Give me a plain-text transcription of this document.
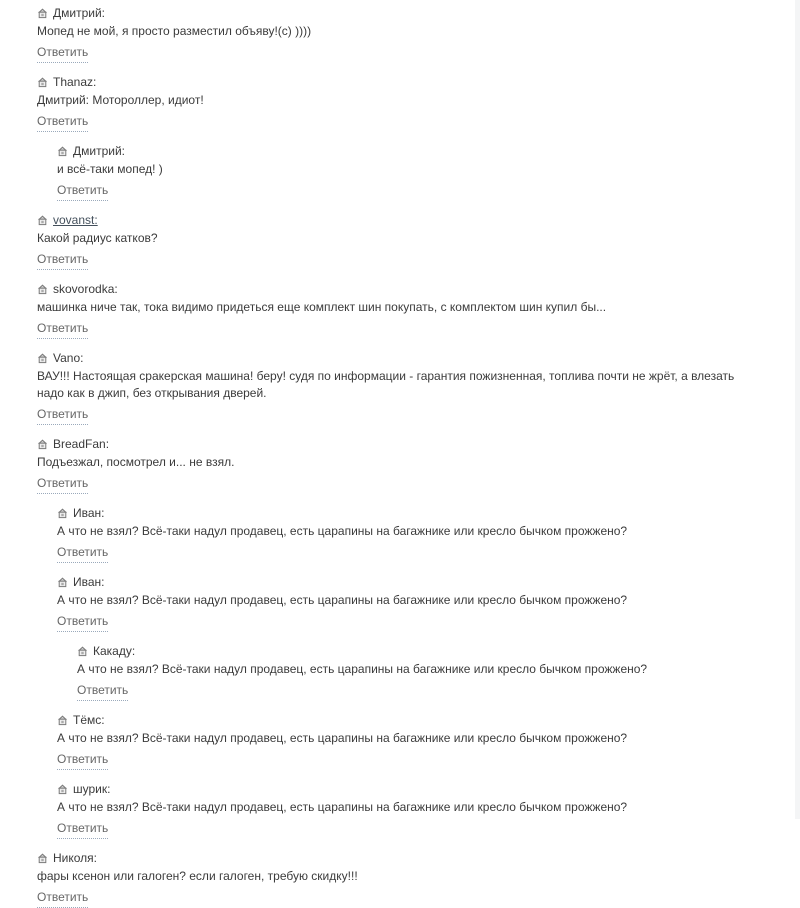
Дмитрий:
Мопед не мой, я просто разместил объяву!(с) ))))
Ответить
Thanaz:
Дмитрий: Мотороллер, идиот!
Ответить
Дмитрий:
и всё-таки мопед! )
Ответить
vovanst:
Какой радиус катков?
Ответить
skovorodka:
машинка ниче так, тока видимо придеться еще комплект шин покупать, с комплектом шин купил бы...
Ответить
Vano:
ВАУ!!! Настоящая сракерская машина! беру! судя по информации - гарантия пожизненная, топлива почти не жрёт, а влезать надо как в джип, без открывания дверей.
Ответить
BreadFan:
Подъезжал, посмотрел и... не взял.
Ответить
Иван:
А что не взял? Всё-таки надул продавец, есть царапины на багажнике или кресло бычком прожжено?
Ответить
Иван:
А что не взял? Всё-таки надул продавец, есть царапины на багажнике или кресло бычком прожжено?
Ответить
Какаду:
А что не взял? Всё-таки надул продавец, есть царапины на багажнике или кресло бычком прожжено?
Ответить
Тёмс:
А что не взял? Всё-таки надул продавец, есть царапины на багажнике или кресло бычком прожжено?
Ответить
шурик:
А что не взял? Всё-таки надул продавец, есть царапины на багажнике или кресло бычком прожжено?
Ответить
Николя:
фары ксенон или галоген? если галоген, требую скидку!!!
Ответить
